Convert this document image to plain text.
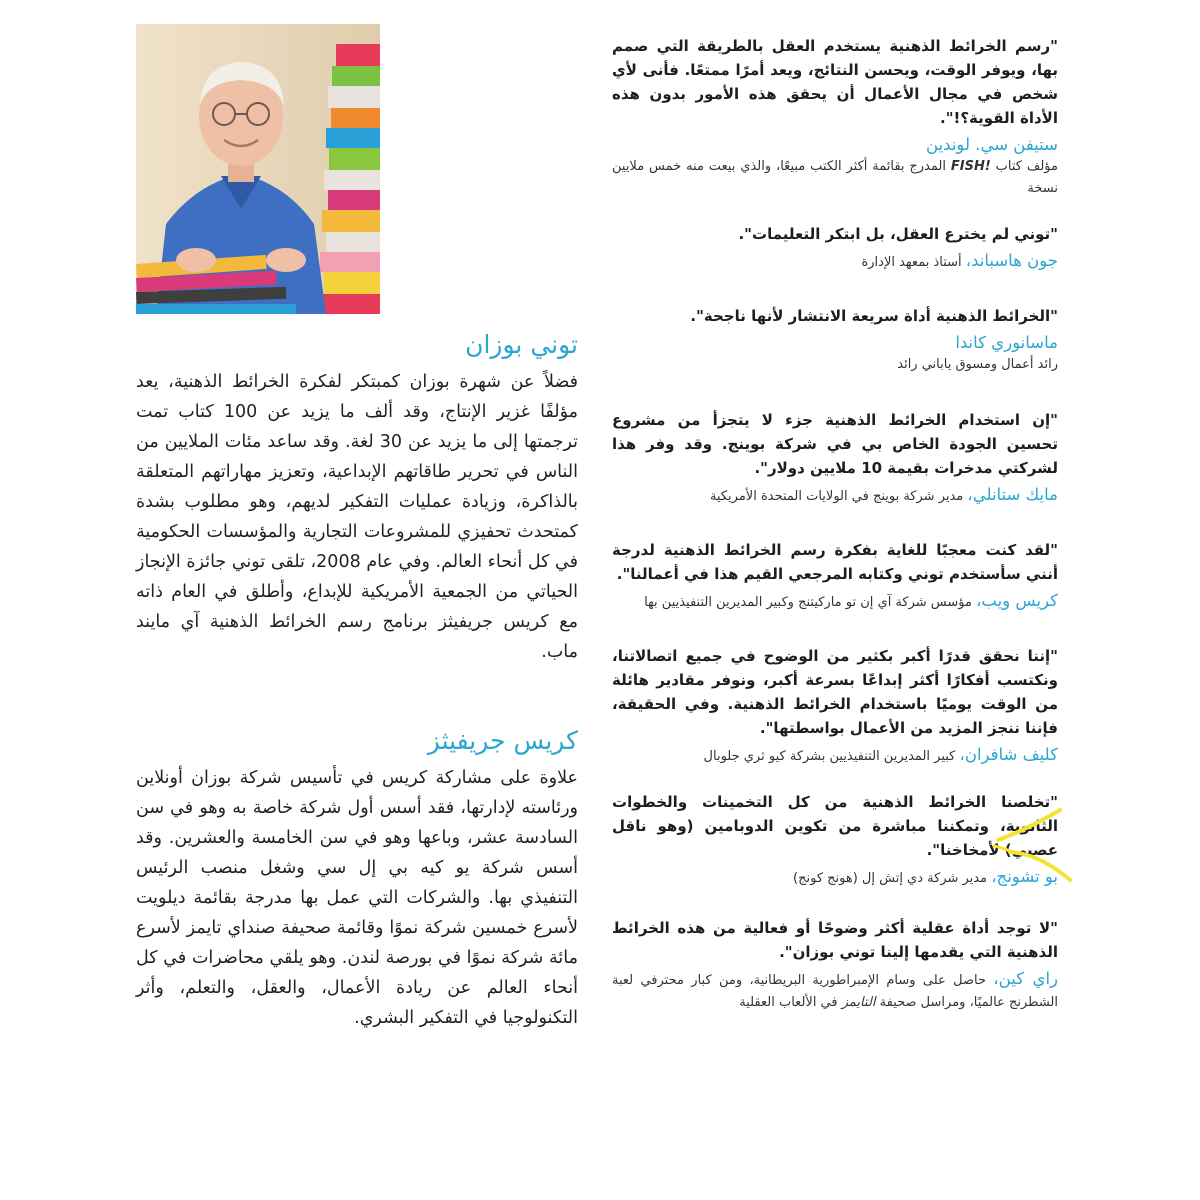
توني بوزان

فضلاً عن شهرة بوزان كمبتكر لفكرة الخرائط الذهنية، يعد مؤلفًا غزير الإنتاج، وقد ألف ما يزيد عن 100 كتاب تمت ترجمتها إلى ما يزيد عن 30 لغة. وقد ساعد مئات الملايين من الناس في تحرير طاقاتهم الإبداعية، وتعزيز مهاراتهم المتعلقة بالذاكرة، وزيادة عمليات التفكير لديهم، وهو مطلوب بشدة كمتحدث تحفيزي للمشروعات التجارية والمؤسسات الحكومية في كل أنحاء العالم. وفي عام 2008، تلقى توني جائزة الإنجاز الحياتي من الجمعية الأمريكية للإبداع، وأطلق في العام ذاته مع كريس جريفيثز برنامج رسم الخرائط الذهنية آي مايند ماب.

كريس جريفيثز

علاوة على مشاركة كريس في تأسيس شركة بوزان أونلاين ورئاسته لإدارتها، فقد أسس أول شركة خاصة به وهو في سن السادسة عشر، وباعها وهو في سن الخامسة والعشرين. وقد أسس شركة يو كيه بي إل سي وشغل منصب الرئيس التنفيذي بها. والشركات التي عمل بها مدرجة بقائمة ديلويت لأسرع خمسين شركة نموًا وقائمة صحيفة صنداي تايمز لأسرع مائة شركة نموًا في بورصة لندن. وهو يلقي محاضرات في كل أنحاء العالم عن ريادة الأعمال، والعقل، والتعلم، وأثر التكنولوجيا في التفكير البشري.

"رسم الخرائط الذهنية يستخدم العقل بالطريقة التي صمم بها، ويوفر الوقت، ويحسن النتائج، ويعد أمرًا ممتعًا. فأنى لأي شخص في مجال الأعمال أن يحقق هذه الأمور بدون هذه الأداة القوية؟!".

ستيفن سي. لوندين
مؤلف كتاب !FISH المدرج بقائمة أكثر الكتب مبيعًا، والذي بيعت منه خمس ملايين نسخة

"توني لم يخترع العقل، بل ابتكر التعليمات".

جون هاسباند، أستاذ بمعهد الإدارة

"الخرائط الذهنية أداة سريعة الانتشار لأنها ناجحة".

ماسانوري كاندا
رائد أعمال ومسوق ياباني رائد

"إن استخدام الخرائط الذهنية جزء لا يتجزأ من مشروع تحسين الجودة الخاص بي في شركة بوينج. وقد وفر هذا لشركتي مدخرات بقيمة 10 ملايين دولار".

مايك ستانلي، مدير شركة بوينج في الولايات المتحدة الأمريكية

"لقد كنت معجبًا للغاية بفكرة رسم الخرائط الذهنية لدرجة أنني سأستخدم توني وكتابه المرجعي القيم هذا في أعمالنا".

كريس ويب، مؤسس شركة آي إن تو ماركيتنج وكبير المديرين التنفيذيين بها

"إننا نحقق قدرًا أكبر بكثير من الوضوح في جميع اتصالاتنا، ونكتسب أفكارًا أكثر إبداعًا بسرعة أكبر، ونوفر مقادير هائلة من الوقت يوميًا باستخدام الخرائط الذهنية. وفي الحقيقة، فإننا ننجز المزيد من الأعمال بواسطتها".

كليف شافران، كبير المديرين التنفيذيين بشركة كيو ثري جلوبال

"تخلصنا الخرائط الذهنية من كل التخمينات والخطوات الثانوية، وتمكننا مباشرة من تكوين الدوبامين (وهو ناقل عصبي) لأمخاخنا".

بو تشونج، مدير شركة دي إتش إل (هونج كونج)

"لا توجد أداة عقلية أكثر وضوحًا أو فعالية من هذه الخرائط الذهنية التي يقدمها إلينا توني بوزان".

راي كين، حاصل على وسام الإمبراطورية البريطانية، ومن كبار محترفي لعبة الشطرنج عالميًا، ومراسل صحيفة التايمز في الألعاب العقلية
